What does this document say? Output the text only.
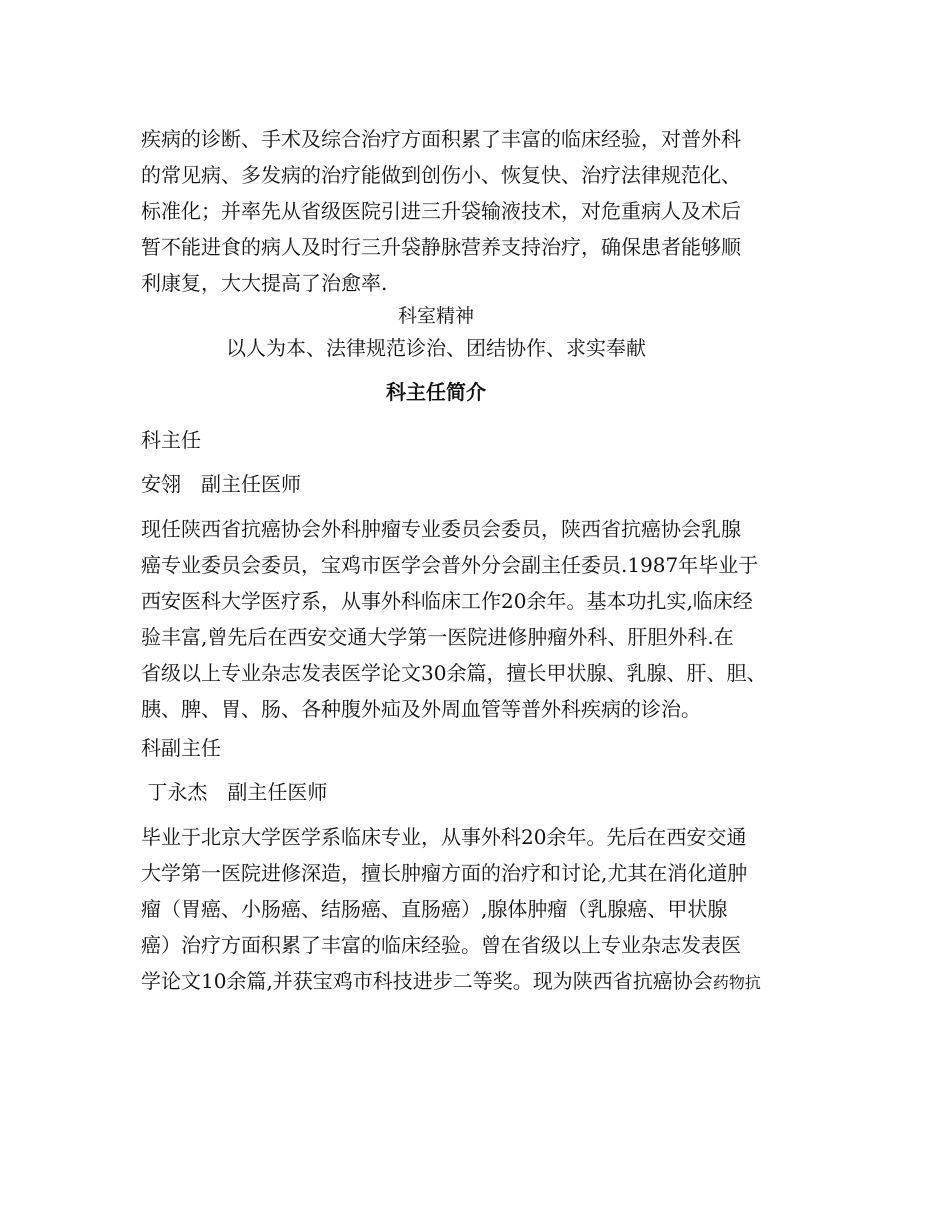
疾病的诊断、手术及综合治疗方面积累了丰富的临床经验，对普外科
的常见病、多发病的治疗能做到创伤小、恢复快、治疗法律规范化、
标准化；并率先从省级医院引进三升袋输液技术，对危重病人及术后
暂不能进食的病人及时行三升袋静脉营养支持治疗，确保患者能够顺
利康复，大大提高了治愈率.
科室精神
以人为本、法律规范诊治、团结协作、求实奉献
科主任简介
科主任
安翎　副主任医师
现任陕西省抗癌协会外科肿瘤专业委员会委员，陕西省抗癌协会乳腺
癌专业委员会委员，宝鸡市医学会普外分会副主任委员.1987年毕业于
西安医科大学医疗系，从事外科临床工作20余年。基本功扎实,临床经
验丰富,曾先后在西安交通大学第一医院进修肿瘤外科、肝胆外科.在
省级以上专业杂志发表医学论文30余篇，擅长甲状腺、乳腺、肝、胆、
胰、脾、胃、肠、各种腹外疝及外周血管等普外科疾病的诊治。
科副主任
丁永杰　副主任医师
毕业于北京大学医学系临床专业，从事外科20余年。先后在西安交通
大学第一医院进修深造，擅长肿瘤方面的治疗和讨论,尤其在消化道肿
瘤（胃癌、小肠癌、结肠癌、直肠癌）,腺体肿瘤（乳腺癌、甲状腺
癌）治疗方面积累了丰富的临床经验。曾在省级以上专业杂志发表医
学论文10余篇,并获宝鸡市科技进步二等奖。现为陕西省抗癌协会药物抗
